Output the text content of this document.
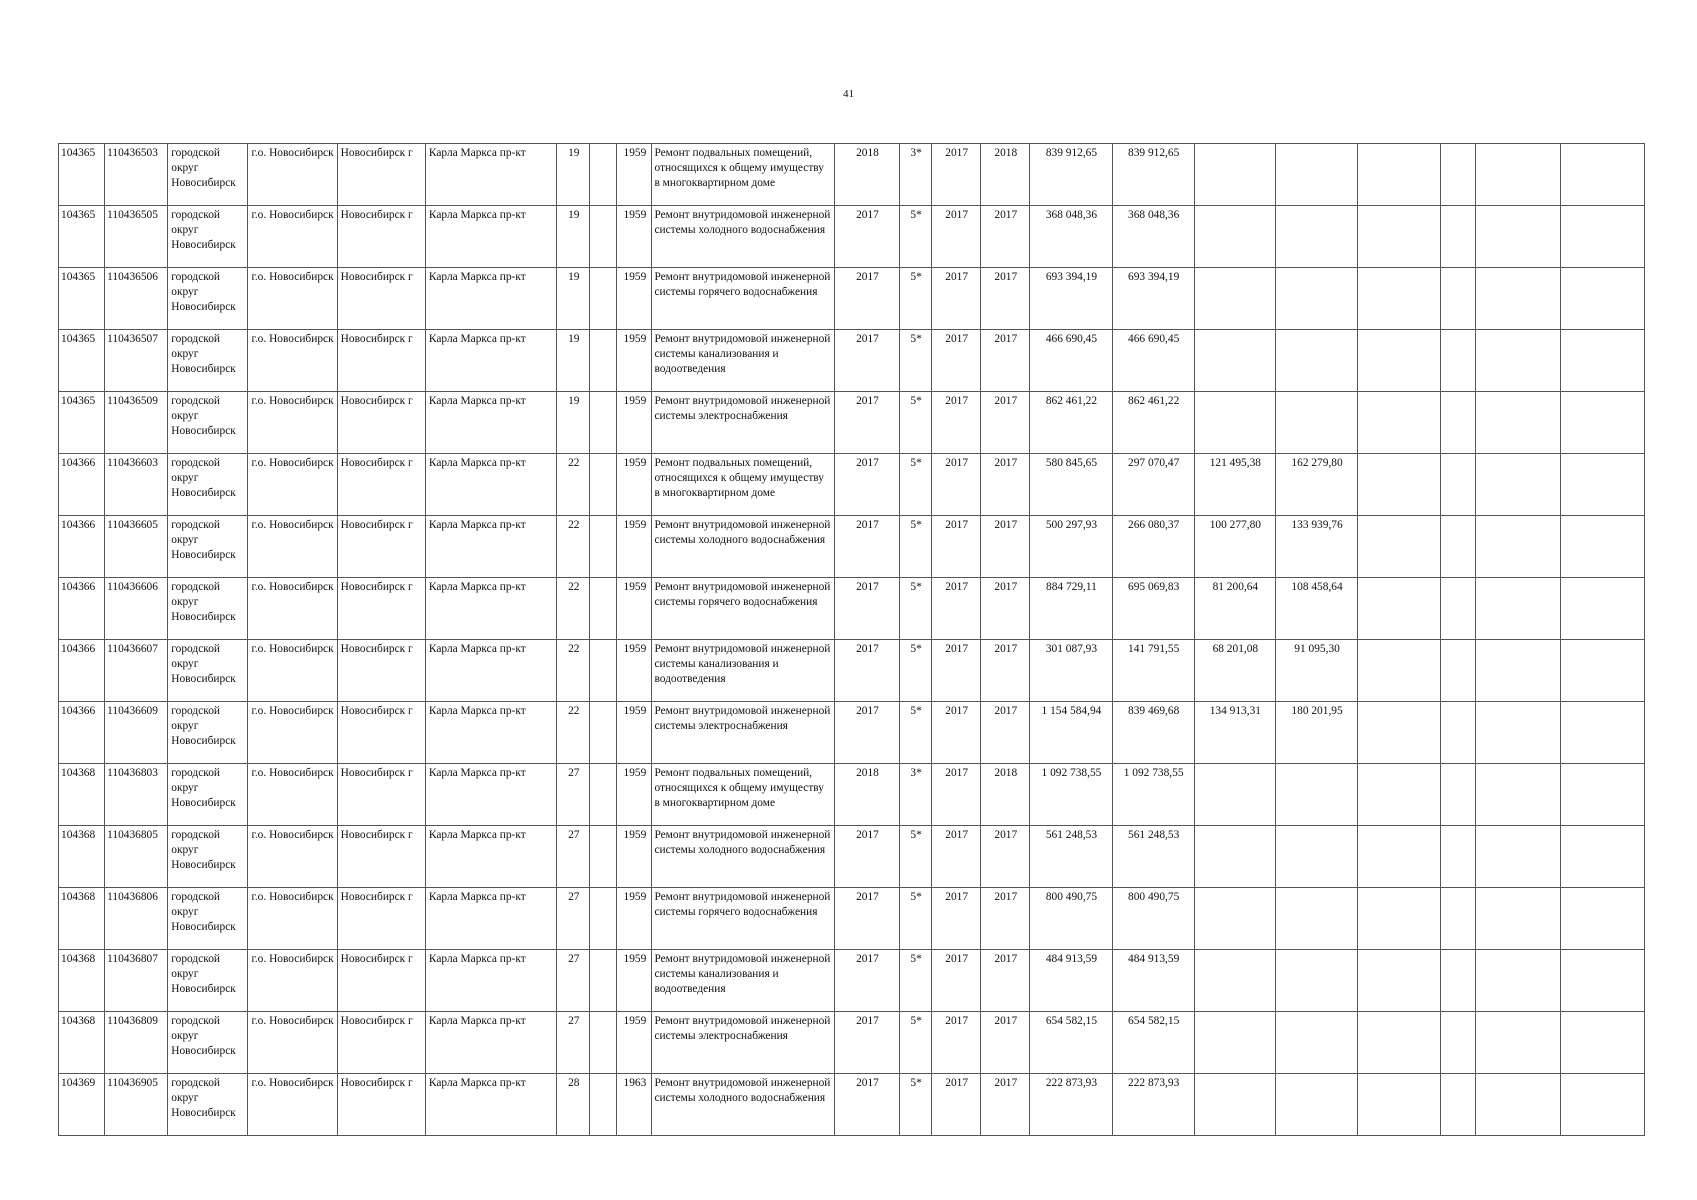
41
104365	110436503	городской округ Новосибирск	г.о. Новосибирск	Новосибирск г	Карла Маркса пр-кт	19		1959	Ремонт подвальных помещений, относящихся к общему имуществу в многоквартирном доме	2018	3*	2017	2018	839 912,65	839 912,65						
104365	110436505	городской округ Новосибирск	г.о. Новосибирск	Новосибирск г	Карла Маркса пр-кт	19		1959	Ремонт внутридомовой инженерной системы холодного водоснабжения	2017	5*	2017	2017	368 048,36	368 048,36						
104365	110436506	городской округ Новосибирск	г.о. Новосибирск	Новосибирск г	Карла Маркса пр-кт	19		1959	Ремонт внутридомовой инженерной системы горячего водоснабжения	2017	5*	2017	2017	693 394,19	693 394,19						
104365	110436507	городской округ Новосибирск	г.о. Новосибирск	Новосибирск г	Карла Маркса пр-кт	19		1959	Ремонт внутридомовой инженерной системы канализования и водоотведения	2017	5*	2017	2017	466 690,45	466 690,45						
104365	110436509	городской округ Новосибирск	г.о. Новосибирск	Новосибирск г	Карла Маркса пр-кт	19		1959	Ремонт внутридомовой инженерной системы электроснабжения	2017	5*	2017	2017	862 461,22	862 461,22						
104366	110436603	городской округ Новосибирск	г.о. Новосибирск	Новосибирск г	Карла Маркса пр-кт	22		1959	Ремонт подвальных помещений, относящихся к общему имуществу в многоквартирном доме	2017	5*	2017	2017	580 845,65	297 070,47	121 495,38	162 279,80				
104366	110436605	городской округ Новосибирск	г.о. Новосибирск	Новосибирск г	Карла Маркса пр-кт	22		1959	Ремонт внутридомовой инженерной системы холодного водоснабжения	2017	5*	2017	2017	500 297,93	266 080,37	100 277,80	133 939,76				
104366	110436606	городской округ Новосибирск	г.о. Новосибирск	Новосибирск г	Карла Маркса пр-кт	22		1959	Ремонт внутридомовой инженерной системы горячего водоснабжения	2017	5*	2017	2017	884 729,11	695 069,83	81 200,64	108 458,64				
104366	110436607	городской округ Новосибирск	г.о. Новосибирск	Новосибирск г	Карла Маркса пр-кт	22		1959	Ремонт внутридомовой инженерной системы канализования и водоотведения	2017	5*	2017	2017	301 087,93	141 791,55	68 201,08	91 095,30				
104366	110436609	городской округ Новосибирск	г.о. Новосибирск	Новосибирск г	Карла Маркса пр-кт	22		1959	Ремонт внутридомовой инженерной системы электроснабжения	2017	5*	2017	2017	1 154 584,94	839 469,68	134 913,31	180 201,95				
104368	110436803	городской округ Новосибирск	г.о. Новосибирск	Новосибирск г	Карла Маркса пр-кт	27		1959	Ремонт подвальных помещений, относящихся к общему имуществу в многоквартирном доме	2018	3*	2017	2018	1 092 738,55	1 092 738,55						
104368	110436805	городской округ Новосибирск	г.о. Новосибирск	Новосибирск г	Карла Маркса пр-кт	27		1959	Ремонт внутридомовой инженерной системы холодного водоснабжения	2017	5*	2017	2017	561 248,53	561 248,53						
104368	110436806	городской округ Новосибирск	г.о. Новосибирск	Новосибирск г	Карла Маркса пр-кт	27		1959	Ремонт внутридомовой инженерной системы горячего водоснабжения	2017	5*	2017	2017	800 490,75	800 490,75						
104368	110436807	городской округ Новосибирск	г.о. Новосибирск	Новосибирск г	Карла Маркса пр-кт	27		1959	Ремонт внутридомовой инженерной системы канализования и водоотведения	2017	5*	2017	2017	484 913,59	484 913,59						
104368	110436809	городской округ Новосибирск	г.о. Новосибирск	Новосибирск г	Карла Маркса пр-кт	27		1959	Ремонт внутридомовой инженерной системы электроснабжения	2017	5*	2017	2017	654 582,15	654 582,15						
104369	110436905	городской округ Новосибирск	г.о. Новосибирск	Новосибирск г	Карла Маркса пр-кт	28		1963	Ремонт внутридомовой инженерной системы холодного водоснабжения	2017	5*	2017	2017	222 873,93	222 873,93						
